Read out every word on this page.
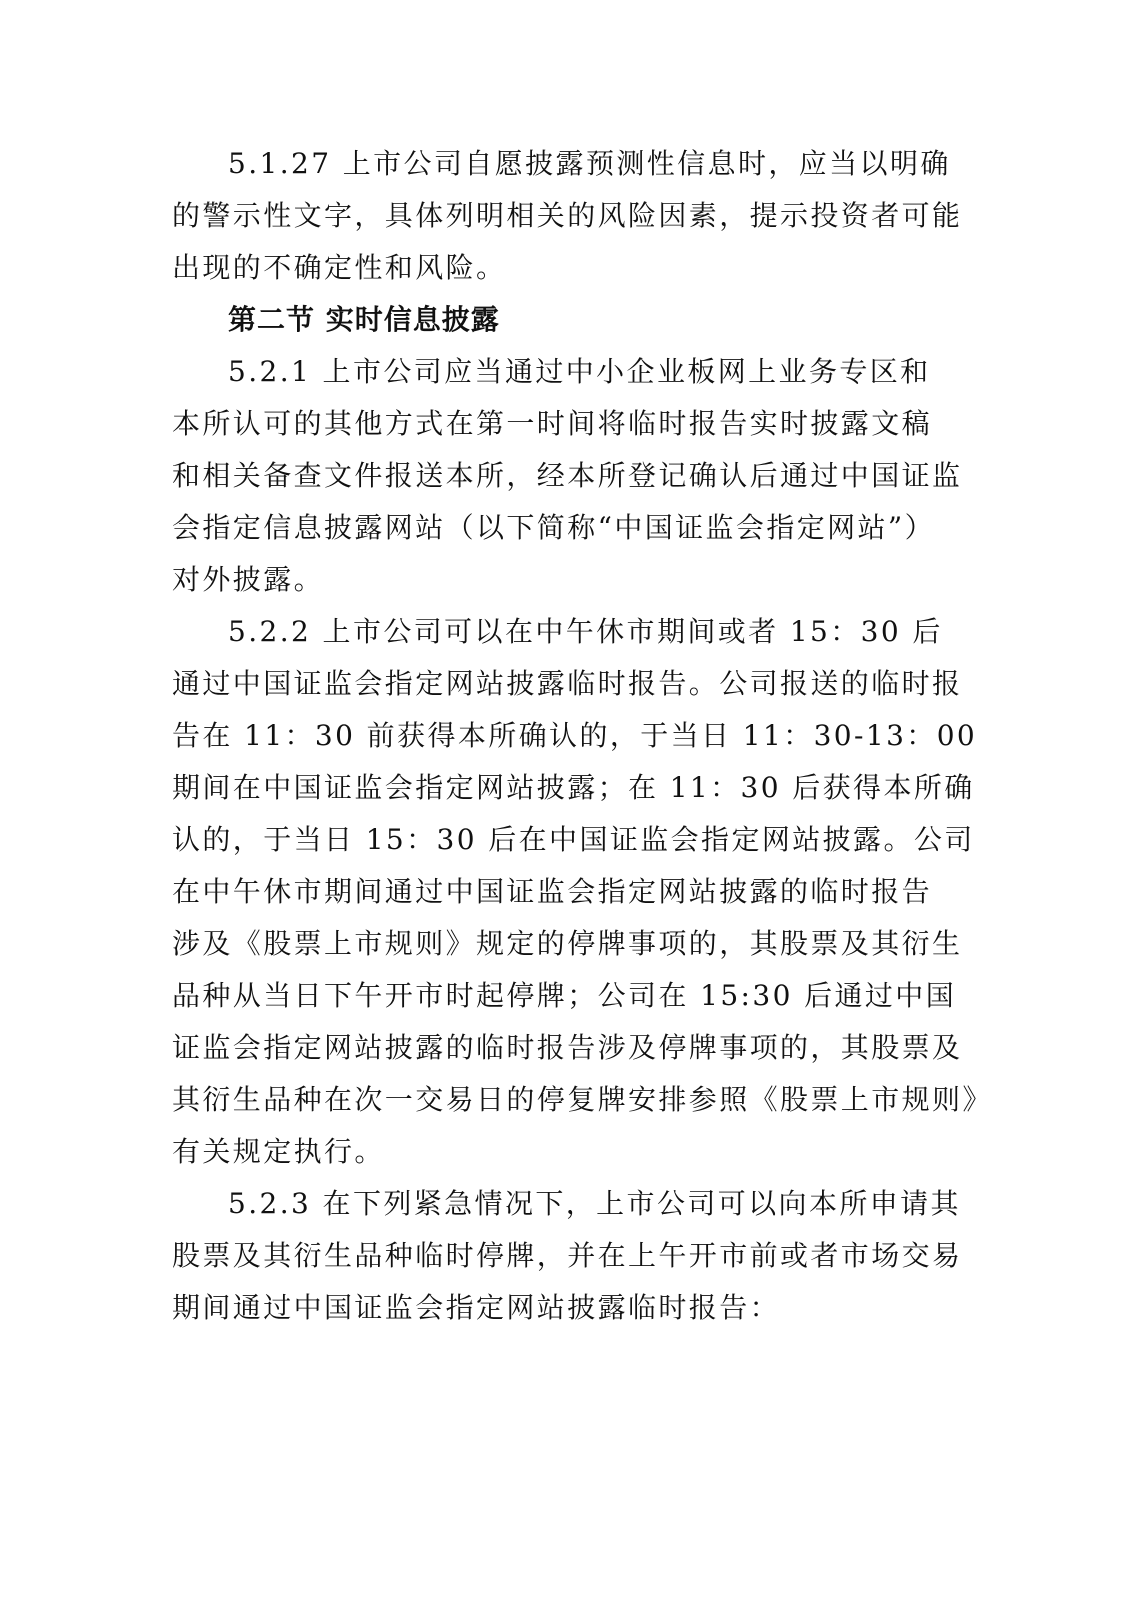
5.1.27 上市公司自愿披露预测性信息时，应当以明确
的警示性文字，具体列明相关的风险因素，提示投资者可能
出现的不确定性和风险。
第二节 实时信息披露
5.2.1 上市公司应当通过中小企业板网上业务专区和
本所认可的其他方式在第一时间将临时报告实时披露文稿
和相关备查文件报送本所，经本所登记确认后通过中国证监
会指定信息披露网站（以下简称“中国证监会指定网站”）
对外披露。
5.2.2 上市公司可以在中午休市期间或者 15：30 后
通过中国证监会指定网站披露临时报告。公司报送的临时报
告在 11：30 前获得本所确认的，于当日 11：30-13：00
期间在中国证监会指定网站披露；在 11：30 后获得本所确
认的，于当日 15：30 后在中国证监会指定网站披露。公司
在中午休市期间通过中国证监会指定网站披露的临时报告
涉及《股票上市规则》规定的停牌事项的，其股票及其衍生
品种从当日下午开市时起停牌；公司在 15:30 后通过中国
证监会指定网站披露的临时报告涉及停牌事项的，其股票及
其衍生品种在次一交易日的停复牌安排参照《股票上市规则》
有关规定执行。
5.2.3 在下列紧急情况下，上市公司可以向本所申请其
股票及其衍生品种临时停牌，并在上午开市前或者市场交易
期间通过中国证监会指定网站披露临时报告：
